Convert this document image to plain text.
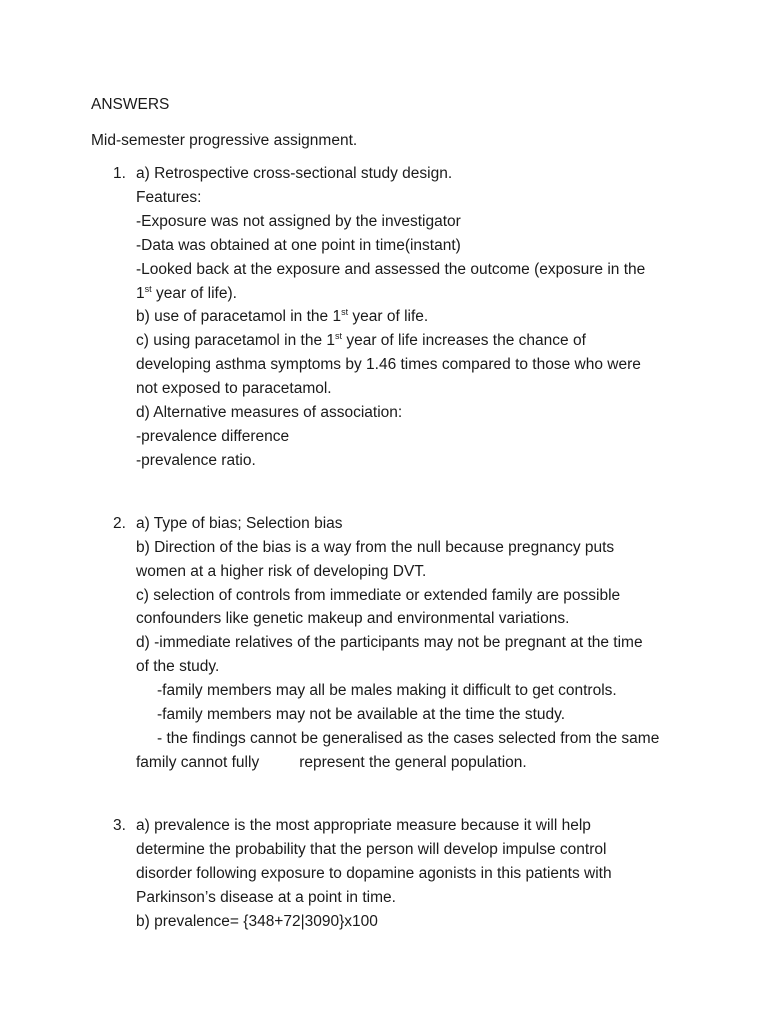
ANSWERS
Mid-semester progressive assignment.
1. a) Retrospective cross-sectional study design.
Features:
-Exposure was not assigned by the investigator
-Data was obtained at one point in time(instant)
-Looked back at the exposure and assessed the outcome (exposure in the
1st year of life).
b) use of paracetamol in the 1st year of life.
c) using paracetamol in the 1st year of life increases the chance of
developing asthma symptoms by 1.46 times compared to those who were
not exposed to paracetamol.
d) Alternative measures of association:
-prevalence difference
-prevalence ratio.
2. a) Type of bias; Selection bias
b) Direction of the bias is a way from the null because pregnancy puts
women at a higher risk of developing DVT.
c) selection of controls from immediate or extended family are possible
confounders like genetic makeup and environmental variations.
d) -immediate relatives of the participants may not be pregnant at the time
of the study.
-family members may all be males making it difficult to get controls.
-family members may not be available at the time the study.
- the findings cannot be generalised as the cases selected from the same
family cannot fully	represent the general population.
3. a) prevalence is the most appropriate measure because it will help
determine the probability that the person will develop impulse control
disorder following exposure to dopamine agonists in this patients with
Parkinson’s disease at a point in time.
b) prevalence= {348+72|3090}x100
